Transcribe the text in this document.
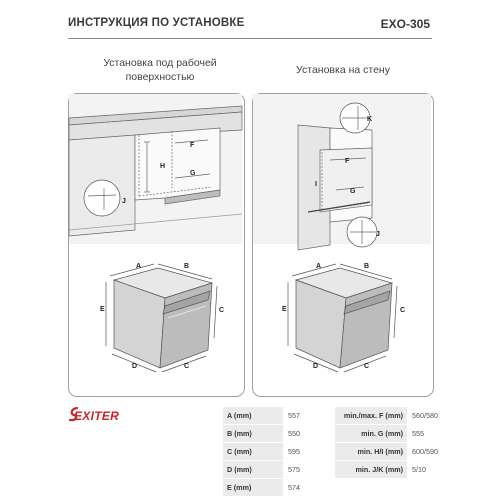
ИНСТРУКЦИЯ ПО УСТАНОВКЕ	EXO-305
Установка под рабочей
поверхностью
Установка на стену
H
F
G
J
I
F
G
K
J
A	B
E	C
D	C
A	B
E	C
D	C
EXITER	A (mm)	557	min./max. F (mm)	560/580
B (mm)	550	min. G (mm)	555
C (mm)	595	min. H/I (mm)	600/590
D (mm)	575	min. J/K (mm)	5/10
E (mm)	574		
